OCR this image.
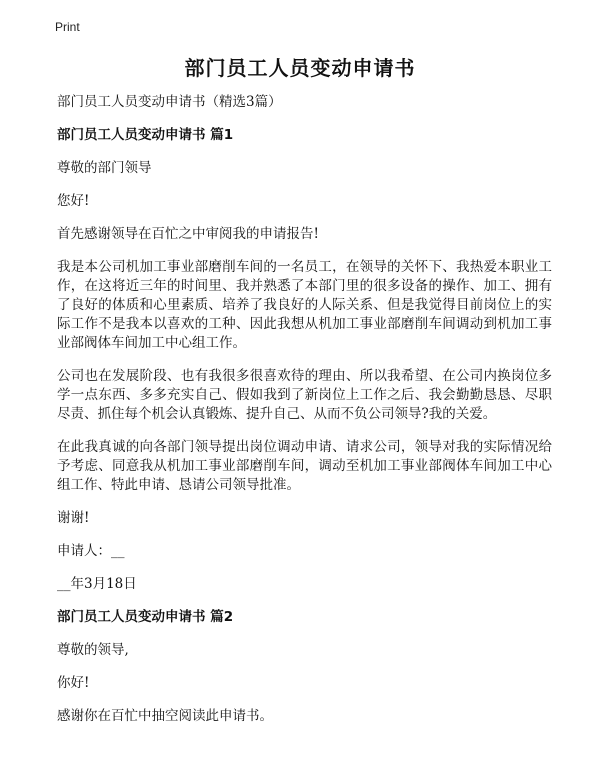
Print
部门员工人员变动申请书

部门员工人员变动申请书（精选3篇）

部门员工人员变动申请书 篇1

尊敬的部门领导

您好!

首先感谢领导在百忙之中审阅我的申请报告!

我是本公司机加工事业部磨削车间的一名员工，在领导的关怀下、我热爱本职业工作，在这将近三年的时间里、我并熟悉了本部门里的很多设备的操作、加工、拥有了良好的体质和心里素质、培养了我良好的人际关系、但是我觉得目前岗位上的实际工作不是我本以喜欢的工种、因此我想从机加工事业部磨削车间调动到机加工事业部阀体车间加工中心组工作。

公司也在发展阶段、也有我很多很喜欢待的理由、所以我希望、在公司内换岗位多学一点东西、多多充实自己、假如我到了新岗位上工作之后、我会勤勤恳恳、尽职尽责、抓住每个机会认真锻炼、提升自己、从而不负公司领导?我的关爱。

在此我真诚的向各部门领导提出岗位调动申请、请求公司，领导对我的实际情况给予考虑、同意我从机加工事业部磨削车间，调动至机加工事业部阀体车间加工中心组工作、特此申请、恳请公司领导批准。

谢谢!

申请人：__

__年3月18日

部门员工人员变动申请书 篇2

尊敬的领导,

你好!

感谢你在百忙中抽空阅读此申请书。
